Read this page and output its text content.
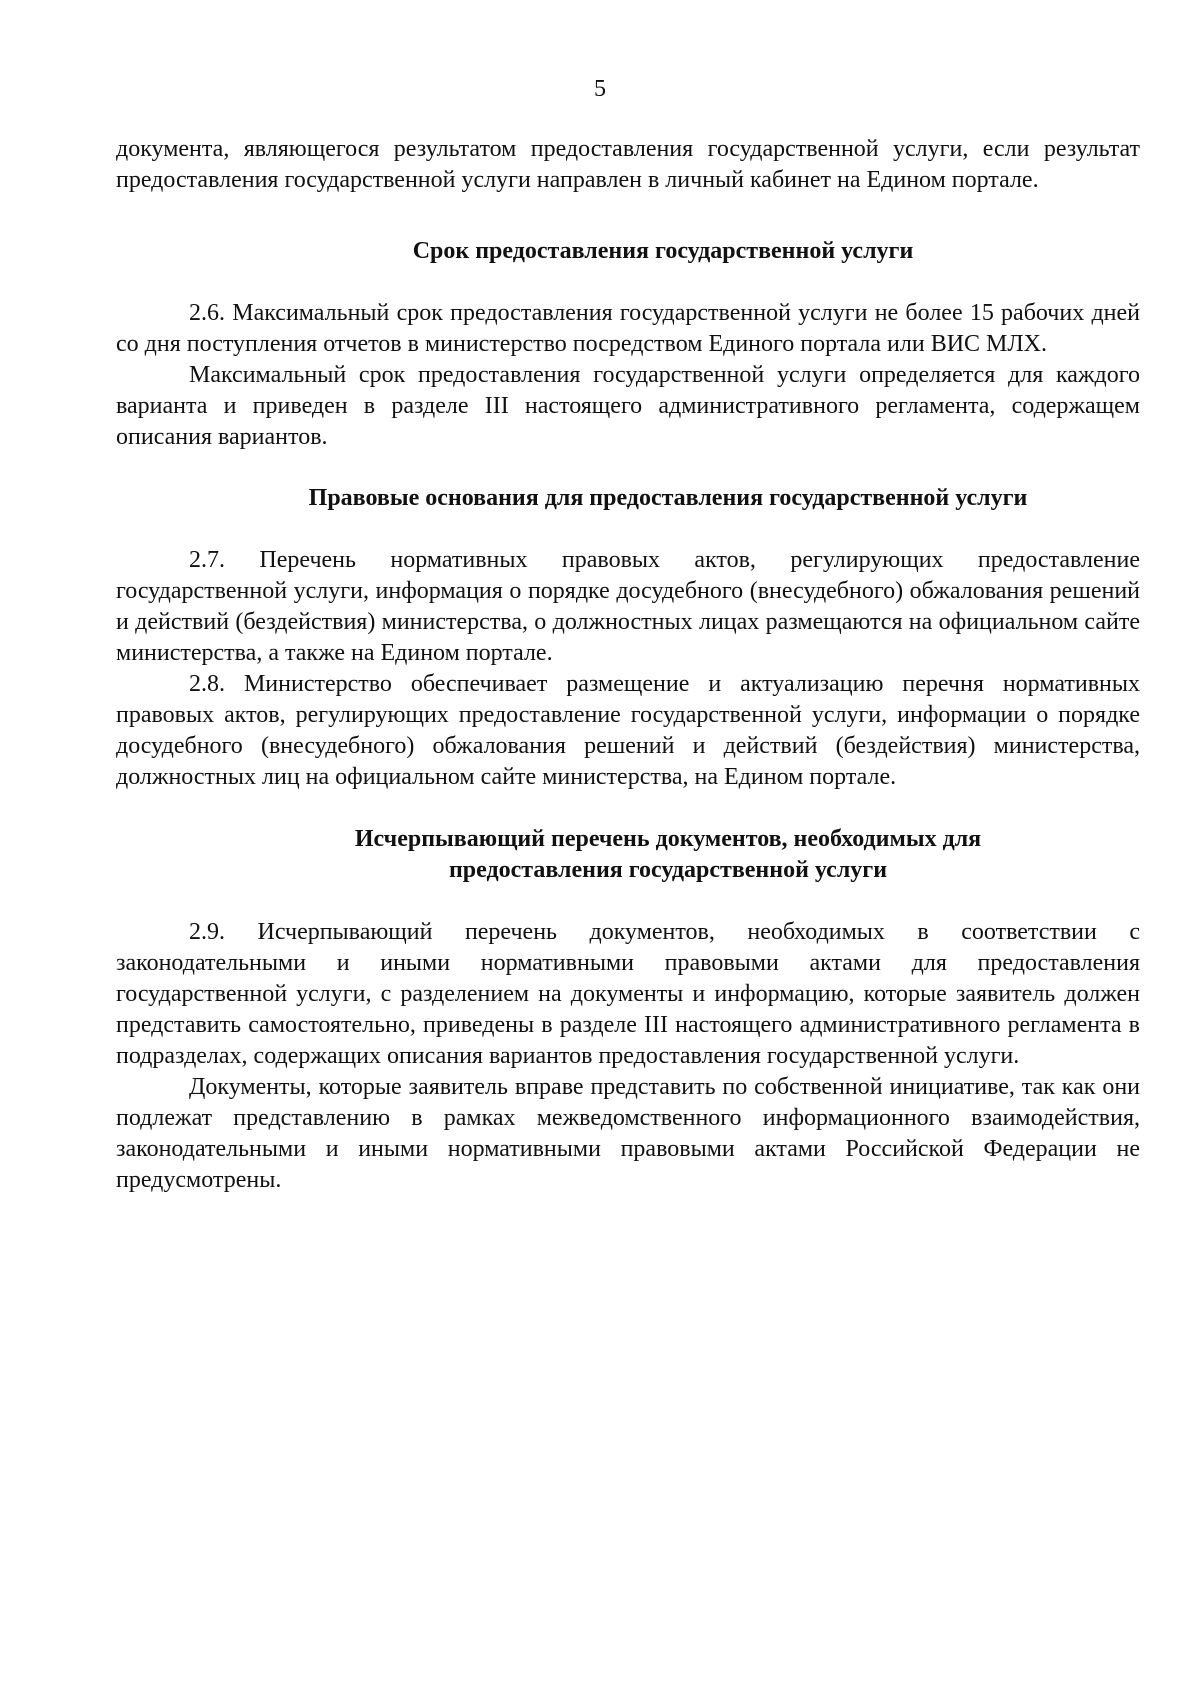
5

документа, являющегося результатом предоставления государственной услуги, если результат предоставления государственной услуги направлен в личный кабинет на Едином портале.

Срок предоставления государственной услуги

2.6. Максимальный срок предоставления государственной услуги не более 15 рабочих дней со дня поступления отчетов в министерство посредством Единого портала или ВИС МЛХ.

Максимальный срок предоставления государственной услуги определяется для каждого варианта и приведен в разделе III настоящего административного регламента, содержащем описания вариантов.

Правовые основания для предоставления государственной услуги

2.7. Перечень нормативных правовых актов, регулирующих предоставление государственной услуги, информация о порядке досудебного (внесудебного) обжалования решений и действий (бездействия) министерства, о должностных лицах размещаются на официальном сайте министерства, а также на Едином портале.

2.8. Министерство обеспечивает размещение и актуализацию перечня нормативных правовых актов, регулирующих предоставление государственной услуги, информации о порядке досудебного (внесудебного) обжалования решений и действий (бездействия) министерства, должностных лиц на официальном сайте министерства, на Едином портале.

Исчерпывающий перечень документов, необходимых для
предоставления государственной услуги

2.9. Исчерпывающий перечень документов, необходимых в соответствии с законодательными и иными нормативными правовыми актами для предоставления государственной услуги, с разделением на документы и информацию, которые заявитель должен представить самостоятельно, приведены в разделе III настоящего административного регламента в подразделах, содержащих описания вариантов предоставления государственной услуги.

Документы, которые заявитель вправе представить по собственной инициативе, так как они подлежат представлению в рамках межведомственного информационного взаимодействия, законодательными и иными нормативными правовыми актами Российской Федерации не предусмотрены.
